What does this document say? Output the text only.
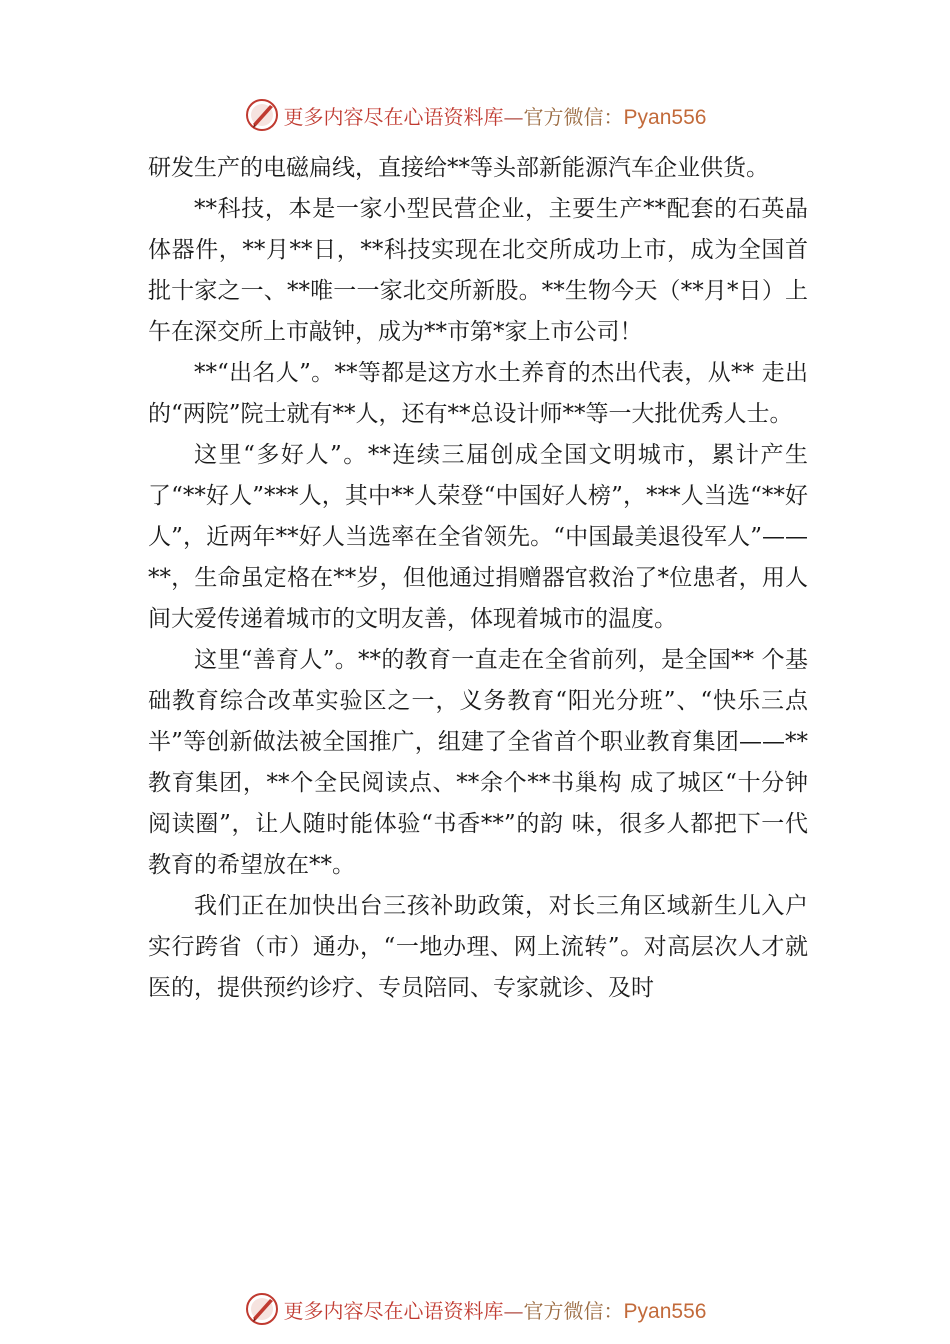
更多内容尽在心语资料库—官方微信：Pyan556

研发生产的电磁扁线，直接给**等头部新能源汽车企业供货。

**科技，本是一家小型民营企业，主要生产**配套的石英晶体器件，**月**日，**科技实现在北交所成功上市，成为全国首批十家之一、**唯一一家北交所新股。**生物今天（**月*日）上午在深交所上市敲钟，成为**市第*家上市公司！

**“出名人”。**等都是这方水土养育的杰出代表，从** 走出的“两院”院士就有**人，还有**总设计师**等一大批优秀人士。

这里“多好人”。**连续三届创成全国文明城市，累计产生了“**好人”***人，其中**人荣登“中国好人榜”，***人当选“**好人”，近两年**好人当选率在全省领先。“中国最美退役军人”——**，生命虽定格在**岁，但他通过捐赠器官救治了*位患者，用人间大爱传递着城市的文明友善，体现着城市的温度。

这里“善育人”。**的教育一直走在全省前列，是全国** 个基础教育综合改革实验区之一，义务教育“阳光分班”、“快乐三点半”等创新做法被全国推广，组建了全省首个职业教育集团——**教育集团，**个全民阅读点、**余个**书巢构 成了城区“十分钟阅读圈”，让人随时能体验“书香**”的韵 味，很多人都把下一代教育的希望放在**。

我们正在加快出台三孩补助政策，对长三角区域新生儿入户实行跨省（市）通办，“一地办理、网上流转”。对高层次人才就医的，提供预约诊疗、专员陪同、专家就诊、及时

更多内容尽在心语资料库—官方微信：Pyan556
